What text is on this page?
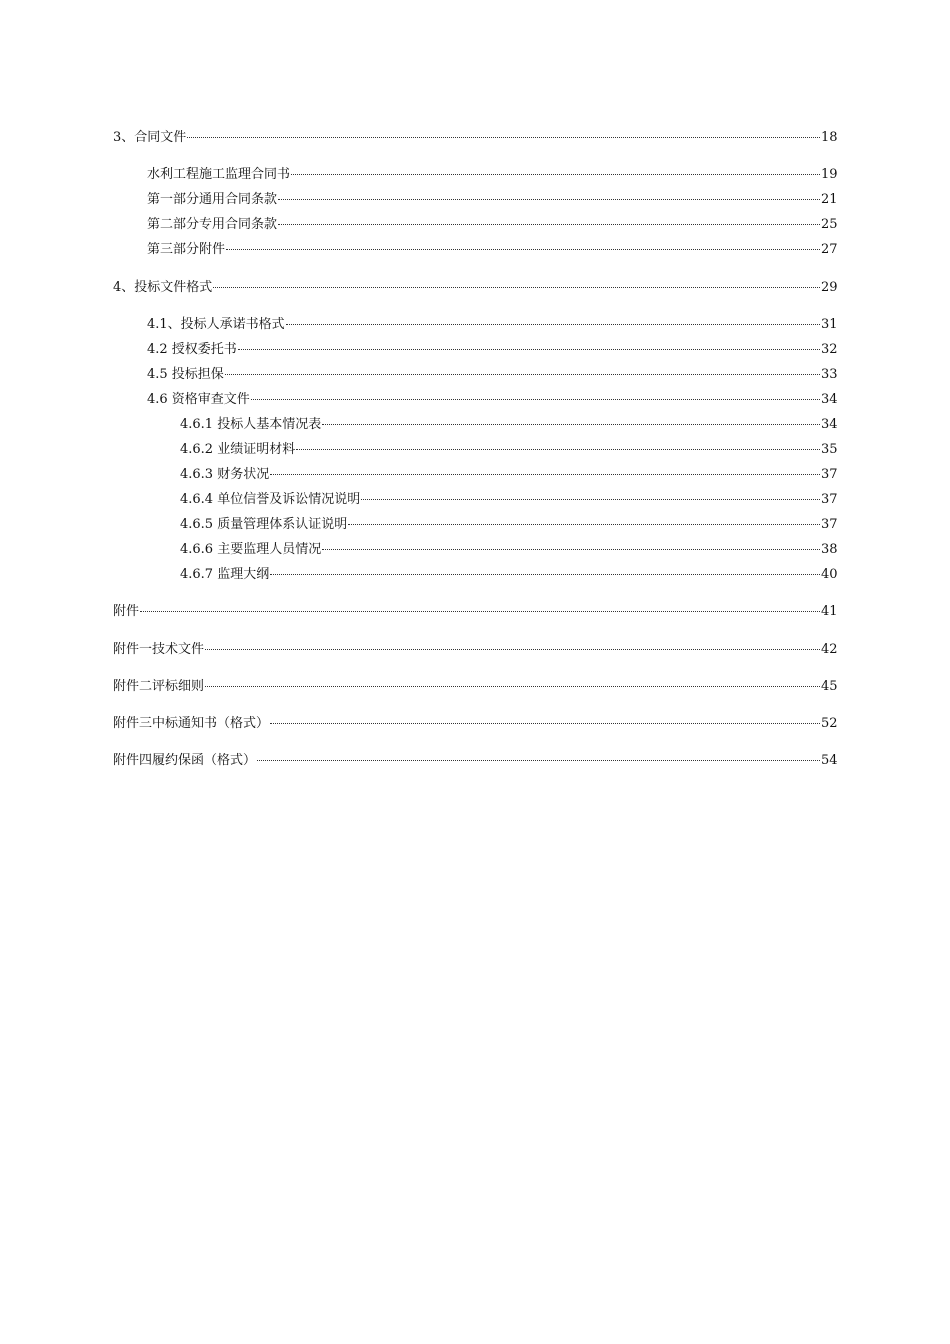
3、合同文件	18
水利工程施工监理合同书	19
第一部分通用合同条款	21
第二部分专用合同条款	25
第三部分附件	27
4、投标文件格式	29
4.1、投标人承诺书格式	31
4.2 授权委托书	32
4.5 投标担保	33
4.6 资格审查文件	34
4.6.1 投标人基本情况表	34
4.6.2 业绩证明材料	35
4.6.3 财务状况	37
4.6.4 单位信誉及诉讼情况说明	37
4.6.5 质量管理体系认证说明	37
4.6.6 主要监理人员情况	38
4.6.7 监理大纲	40
附件	41
附件一技术文件	42
附件二评标细则	45
附件三中标通知书（格式）	52
附件四履约保函（格式）	54
